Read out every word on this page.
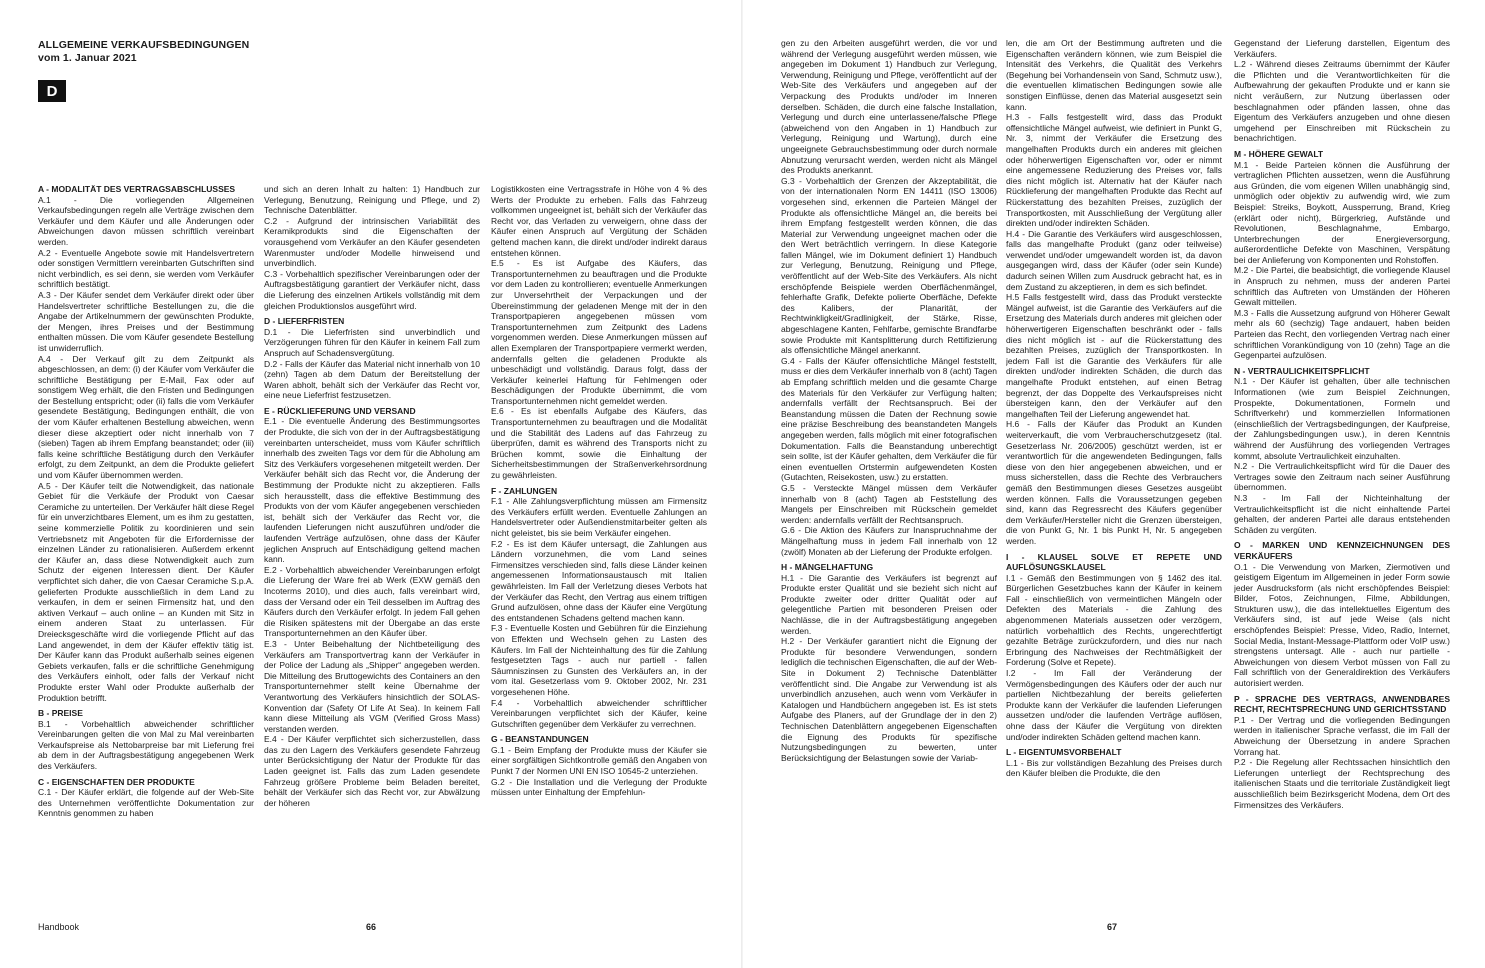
ALLGEMEINE VERKAUFSBEDINGUNGEN
vom 1. Januar 2021
D
A - MODALITÄT DES VERTRAGSABSCHLUSSES
A.1 - Die vorliegenden Allgemeinen Verkaufsbedingungen regeln alle Verträge zwischen dem Verkäufer und dem Käufer und alle Änderungen oder Abweichungen davon müssen schriftlich vereinbart werden.
A.2 - Eventuelle Angebote sowie mit Handelsvertretern oder sonstigen Vermittlern vereinbarten Gutschriften sind nicht verbindlich, es sei denn, sie werden vom Verkäufer schriftlich bestätigt.
A.3 - Der Käufer sendet dem Verkäufer direkt oder über Handelsvertreter schriftliche Bestellungen zu, die die Angabe der Artikelnummern der gewünschten Produkte, der Mengen, ihres Preises und der Bestimmung enthalten müssen. Die vom Käufer gesendete Bestellung ist unwiderruflich.
A.4 - Der Verkauf gilt zu dem Zeitpunkt als abgeschlossen, an dem: (i) der Käufer vom Verkäufer die schriftliche Bestätigung per E-Mail, Fax oder auf sonstigem Weg erhält, die den Fristen und Bedingungen der Bestellung entspricht; oder (ii) falls die vom Verkäufer gesendete Bestätigung, Bedingungen enthält, die von der vom Käufer erhaltenen Bestellung abweichen, wenn dieser diese akzeptiert oder nicht innerhalb von 7 (sieben) Tagen ab ihrem Empfang beanstandet; oder (iii) falls keine schriftliche Bestätigung durch den Verkäufer erfolgt, zu dem Zeitpunkt, an dem die Produkte geliefert und vom Käufer übernommen werden.
A.5 - Der Käufer teilt die Notwendigkeit, das nationale Gebiet für die Verkäufe der Produkt von Caesar Ceramiche zu unterteilen. Der Verkäufer hält diese Regel für ein unverzichtbares Element, um es ihm zu gestatten, seine kommerzielle Politik zu koordinieren und sein Vertriebsnetz mit Angeboten für die Erfordernisse der einzelnen Länder zu rationalisieren. Außerdem erkennt der Käufer an, dass diese Notwendigkeit auch zum Schutz der eigenen Interessen dient. Der Käufer verpflichtet sich daher, die von Caesar Ceramiche S.p.A. gelieferten Produkte ausschließlich in dem Land zu verkaufen, in dem er seinen Firmensitz hat, und den aktiven Verkauf – auch online – an Kunden mit Sitz in einem anderen Staat zu unterlassen. Für Dreiecksgeschäfte wird die vorliegende Pflicht auf das Land angewendet, in dem der Käufer effektiv tätig ist. Der Käufer kann das Produkt außerhalb seines eigenen Gebiets verkaufen, falls er die schriftliche Genehmigung des Verkäufers einholt, oder falls der Verkauf nicht Produkte erster Wahl oder Produkte außerhalb der Produktion betrifft.
B - PREISE
B.1 - Vorbehaltlich abweichender schriftlicher Vereinbarungen gelten die von Mal zu Mal vereinbarten Verkaufspreise als Nettobarpreise bar mit Lieferung frei ab dem in der Auftragsbestätigung angegebenen Werk des Verkäufers.
C - EIGENSCHAFTEN DER PRODUKTE
C.1 - Der Käufer erklärt, die folgende auf der Web-Site des Unternehmen veröffentlichte Dokumentation zur Kenntnis genommen zu haben
und sich an deren Inhalt zu halten: 1) Handbuch zur Verlegung, Benutzung, Reinigung und Pflege, und 2) Technische Datenblätter.
C.2 - Aufgrund der intrinsischen Variabilität des Keramikprodukts sind die Eigenschaften der vorausgehend vom Verkäufer an den Käufer gesendeten Warenmuster und/oder Modelle hinweisend und unverbindlich.
C.3 - Vorbehaltlich spezifischer Vereinbarungen oder der Auftragsbestätigung garantiert der Verkäufer nicht, dass die Lieferung des einzelnen Artikels vollständig mit dem gleichen Produktionslos ausgeführt wird.
D - LIEFERFRISTEN
D.1 - Die Lieferfristen sind unverbindlich und Verzögerungen führen für den Käufer in keinem Fall zum Anspruch auf Schadensvergütung.
D.2 - Falls der Käufer das Material nicht innerhalb von 10 (zehn) Tagen ab dem Datum der Bereitstellung der Waren abholt, behält sich der Verkäufer das Recht vor, eine neue Lieferfrist festzusetzen.
E - RÜCKLIEFERUNG UND VERSAND
E.1 - Die eventuelle Änderung des Bestimmungsortes der Produkte, die sich von der in der Auftragsbestätigung vereinbarten unterscheidet, muss vom Käufer schriftlich innerhalb des zweiten Tags vor dem für die Abholung am Sitz des Verkäufers vorgesehenen mitgeteilt werden. Der Verkäufer behält sich das Recht vor, die Änderung der Bestimmung der Produkte nicht zu akzeptieren. Falls sich herausstellt, dass die effektive Bestimmung des Produkts von der vom Käufer angegebenen verschieden ist, behält sich der Verkäufer das Recht vor, die laufenden Lieferungen nicht auszuführen und/oder die laufenden Verträge aufzulösen, ohne dass der Käufer jeglichen Anspruch auf Entschädigung geltend machen kann.
E.2 - Vorbehaltlich abweichender Vereinbarungen erfolgt die Lieferung der Ware frei ab Werk (EXW gemäß den Incoterms 2010), und dies auch, falls vereinbart wird, dass der Versand oder ein Teil desselben im Auftrag des Käufers durch den Verkäufer erfolgt. In jedem Fall gehen die Risiken spätestens mit der Übergabe an das erste Transportunternehmen an den Käufer über.
E.3 - Unter Beibehaltung der Nichtbeteiligung des Verkäufers am Transportvertrag kann der Verkäufer in der Police der Ladung als „Shipper“ angegeben werden. Die Mitteilung des Bruttogewichts des Containers an den Transportunternehmer stellt keine Übernahme der Verantwortung des Verkäufers hinsichtlich der SOLAS-Konvention dar (Safety Of Life At Sea). In keinem Fall kann diese Mitteilung als VGM (Verified Gross Mass) verstanden werden.
E.4 - Der Käufer verpflichtet sich sicherzustellen, dass das zu den Lagern des Verkäufers gesendete Fahrzeug unter Berücksichtigung der Natur der Produkte für das Laden geeignet ist. Falls das zum Laden gesendete Fahrzeug größere Probleme beim Beladen bereitet, behält der Verkäufer sich das Recht vor, zur Abwälzung der höheren
Logistikkosten eine Vertragsstrafe in Höhe von 4 % des Werts der Produkte zu erheben. Falls das Fahrzeug vollkommen ungeeignet ist, behält sich der Verkäufer das Recht vor, das Verladen zu verweigern, ohne dass der Käufer einen Anspruch auf Vergütung der Schäden geltend machen kann, die direkt und/oder indirekt daraus entstehen können.
E.5 - Es ist Aufgabe des Käufers, das Transportunternehmen zu beauftragen und die Produkte vor dem Laden zu kontrollieren; eventuelle Anmerkungen zur Unversehrtheit der Verpackungen und der Übereinstimmung der geladenen Menge mit der in den Transportpapieren angegebenen müssen vom Transportunternehmen zum Zeitpunkt des Ladens vorgenommen werden. Diese Anmerkungen müssen auf allen Exemplaren der Transportpapiere vermerkt werden, andernfalls gelten die geladenen Produkte als unbeschädigt und vollständig. Daraus folgt, dass der Verkäufer keinerlei Haftung für Fehlmengen oder Beschädigungen der Produkte übernimmt, die vom Transportunternehmen nicht gemeldet werden.
E.6 - Es ist ebenfalls Aufgabe des Käufers, das Transportunternehmen zu beauftragen und die Modalität und die Stabilität des Ladens auf das Fahrzeug zu überprüfen, damit es während des Transports nicht zu Brüchen kommt, sowie die Einhaltung der Sicherheitsbestimmungen der Straßenverkehrsordnung zu gewährleisten.
F - ZAHLUNGEN
F.1 - Alle Zahlungsverpflichtung müssen am Firmensitz des Verkäufers erfüllt werden. Eventuelle Zahlungen an Handelsvertreter oder Außendienstmitarbeiter gelten als nicht geleistet, bis sie beim Verkäufer eingehen.
F.2 - Es ist dem Käufer untersagt, die Zahlungen aus Ländern vorzunehmen, die vom Land seines Firmensitzes verschieden sind, falls diese Länder keinen angemessenen Informationsaustausch mit Italien gewährleisten. Im Fall der Verletzung dieses Verbots hat der Verkäufer das Recht, den Vertrag aus einem triftigen Grund aufzulösen, ohne dass der Käufer eine Vergütung des entstandenen Schadens geltend machen kann.
F.3 - Eventuelle Kosten und Gebühren für die Einziehung von Effekten und Wechseln gehen zu Lasten des Käufers. Im Fall der Nichteinhaltung des für die Zahlung festgesetzten Tags - auch nur partiell - fallen Säumniszinsen zu Gunsten des Verkäufers an, in der vom ital. Gesetzerlass vom 9. Oktober 2002, Nr. 231 vorgesehenen Höhe.
F.4 - Vorbehaltlich abweichender schriftlicher Vereinbarungen verpflichtet sich der Käufer, keine Gutschriften gegenüber dem Verkäufer zu verrechnen.
G - BEANSTANDUNGEN
G.1 - Beim Empfang der Produkte muss der Käufer sie einer sorgfältigen Sichtkontrolle gemäß den Angaben von Punkt 7 der Normen UNI EN ISO 10545-2 unterziehen.
G.2 - Die Installation und die Verlegung der Produkte müssen unter Einhaltung der Empfehlun-
gen zu den Arbeiten ausgeführt werden, die vor und während der Verlegung ausgeführt werden müssen, wie angegeben im Dokument 1) Handbuch zur Verlegung, Verwendung, Reinigung und Pflege, veröffentlicht auf der Web-Site des Verkäufers und angegeben auf der Verpackung des Produkts und/oder im Inneren derselben. Schäden, die durch eine falsche Installation, Verlegung und durch eine unterlassene/falsche Pflege (abweichend von den Angaben in 1) Handbuch zur Verlegung, Reinigung und Wartung), durch eine ungeeignete Gebrauchsbestimmung oder durch normale Abnutzung verursacht werden, werden nicht als Mängel des Produkts anerkannt.
G.3 - Vorbehaltlich der Grenzen der Akzeptabilität, die von der internationalen Norm EN 14411 (ISO 13006) vorgesehen sind, erkennen die Parteien Mängel der Produkte als offensichtliche Mängel an, die bereits bei ihrem Empfang festgestellt werden können, die das Material zur Verwendung ungeeignet machen oder die den Wert beträchtlich verringern. In diese Kategorie fallen Mängel, wie im Dokument definiert 1) Handbuch zur Verlegung, Benutzung, Reinigung und Pflege, veröffentlicht auf der Web-Site des Verkäufers. Als nicht erschöpfende Beispiele werden Oberflächenmängel, fehlerhafte Grafik, Defekte polierte Oberfläche, Defekte des Kalibers, der Planarität, der Rechtwinkligkeit/Gradlinigkeit, der Stärke, Risse, abgeschlagene Kanten, Fehlfarbe, gemischte Brandfarbe sowie Produkte mit Kantsplitterung durch Rettifizierung als offensichtliche Mängel anerkannt.
G.4 - Falls der Käufer offensichtliche Mängel feststellt, muss er dies dem Verkäufer innerhalb von 8 (acht) Tagen ab Empfang schriftlich melden und die gesamte Charge des Materials für den Verkäufer zur Verfügung halten; andernfalls verfällt der Rechtsanspruch. Bei der Beanstandung müssen die Daten der Rechnung sowie eine präzise Beschreibung des beanstandeten Mangels angegeben werden, falls möglich mit einer fotografischen Dokumentation. Falls die Beanstandung unberechtigt sein sollte, ist der Käufer gehalten, dem Verkäufer die für einen eventuellen Ortstermin aufgewendeten Kosten (Gutachten, Reisekosten, usw.) zu erstatten.
G.5 - Versteckte Mängel müssen dem Verkäufer innerhalb von 8 (acht) Tagen ab Feststellung des Mangels per Einschreiben mit Rückschein gemeldet werden: andernfalls verfällt der Rechtsanspruch.
G.6 - Die Aktion des Käufers zur Inanspruchnahme der Mängelhaftung muss in jedem Fall innerhalb von 12 (zwölf) Monaten ab der Lieferung der Produkte erfolgen.
H - MÄNGELHAFTUNG
H.1 - Die Garantie des Verkäufers ist begrenzt auf Produkte erster Qualität und sie bezieht sich nicht auf Produkte zweiter oder dritter Qualität oder auf gelegentliche Partien mit besonderen Preisen oder Nachlässe, die in der Auftragsbestätigung angegeben werden.
H.2 - Der Verkäufer garantiert nicht die Eignung der Produkte für besondere Verwendungen, sondern lediglich die technischen Eigenschaften, die auf der Web-Site in Dokument 2) Technische Datenblätter veröffentlicht sind. Die Angabe zur Verwendung ist als unverbindlich anzusehen, auch wenn vom Verkäufer in Katalogen und Handbüchern angegeben ist. Es ist stets Aufgabe des Planers, auf der Grundlage der in den 2) Technischen Datenblättern angegebenen Eigenschaften die Eignung des Produkts für spezifische Nutzungsbedingungen zu bewerten, unter Berücksichtigung der Belastungen sowie der Variab-
len, die am Ort der Bestimmung auftreten und die Eigenschaften verändern können, wie zum Beispiel die Intensität des Verkehrs, die Qualität des Verkehrs (Begehung bei Vorhandensein von Sand, Schmutz usw.), die eventuellen klimatischen Bedingungen sowie alle sonstigen Einflüsse, denen das Material ausgesetzt sein kann.
H.3 - Falls festgestellt wird, dass das Produkt offensichtliche Mängel aufweist, wie definiert in Punkt G, Nr. 3, nimmt der Verkäufer die Ersetzung des mangelhaften Produkts durch ein anderes mit gleichen oder höherwertigen Eigenschaften vor, oder er nimmt eine angemessene Reduzierung des Preises vor, falls dies nicht möglich ist. Alternativ hat der Käufer nach Rücklieferung der mangelhaften Produkte das Recht auf Rückerstattung des bezahlten Preises, zuzüglich der Transportkosten, mit Ausschließung der Vergütung aller direkten und/oder indirekten Schäden.
H.4 - Die Garantie des Verkäufers wird ausgeschlossen, falls das mangelhafte Produkt (ganz oder teilweise) verwendet und/oder umgewandelt worden ist, da davon ausgegangen wird, dass der Käufer (oder sein Kunde) dadurch seinen Willen zum Ausdruck gebracht hat, es in dem Zustand zu akzeptieren, in dem es sich befindet.
H.5 Falls festgestellt wird, dass das Produkt versteckte Mängel aufweist, ist die Garantie des Verkäufers auf die Ersetzung des Materials durch anderes mit gleichen oder höherwertigeren Eigenschaften beschränkt oder - falls dies nicht möglich ist - auf die Rückerstattung des bezahlten Preises, zuzüglich der Transportkosten. In jedem Fall ist die Garantie des Verkäufers für alle direkten und/oder indirekten Schäden, die durch das mangelhafte Produkt entstehen, auf einen Betrag begrenzt, der das Doppelte des Verkaufspreises nicht übersteigen kann, den der Verkäufer auf den mangelhaften Teil der Lieferung angewendet hat.
H.6 - Falls der Käufer das Produkt an Kunden weiterverkauft, die vom Verbraucherschutzgesetz (ital. Gesetzerlass Nr. 206/2005) geschützt werden, ist er verantwortlich für die angewendeten Bedingungen, falls diese von den hier angegebenen abweichen, und er muss sicherstellen, dass die Rechte des Verbrauchers gemäß den Bestimmungen dieses Gesetzes ausgeübt werden können. Falls die Voraussetzungen gegeben sind, kann das Regressrecht des Käufers gegenüber dem Verkäufer/Hersteller nicht die Grenzen übersteigen, die von Punkt G, Nr. 1 bis Punkt H, Nr. 5 angegeben werden.
I - KLAUSEL SOLVE ET REPETE UND AUFLÖSUNGSKLAUSEL
I.1 - Gemäß den Bestimmungen von § 1462 des ital. Bürgerlichen Gesetzbuches kann der Käufer in keinem Fall - einschließlich von vermeintlichen Mängeln oder Defekten des Materials - die Zahlung des abgenommenen Materials aussetzen oder verzögern, natürlich vorbehaltlich des Rechts, ungerechtfertigt gezahlte Beträge zurückzufordern, und dies nur nach Erbringung des Nachweises der Rechtmäßigkeit der Forderung (Solve et Repete).
I.2 - Im Fall der Veränderung der Vermögensbedingungen des Käufers oder der auch nur partiellen Nichtbezahlung der bereits gelieferten Produkte kann der Verkäufer die laufenden Lieferungen aussetzen und/oder die laufenden Verträge auflösen, ohne dass der Käufer die Vergütung von direkten und/oder indirekten Schäden geltend machen kann.
L - EIGENTUMSVORBEHALT
L.1 - Bis zur vollständigen Bezahlung des Preises durch den Käufer bleiben die Produkte, die den
Gegenstand der Lieferung darstellen, Eigentum des Verkäufers.
L.2 - Während dieses Zeitraums übernimmt der Käufer die Pflichten und die Verantwortlichkeiten für die Aufbewahrung der gekauften Produkte und er kann sie nicht veräußern, zur Nutzung überlassen oder beschlagnahmen oder pfänden lassen, ohne das Eigentum des Verkäufers anzugeben und ohne diesen umgehend per Einschreiben mit Rückschein zu benachrichtigen.
M - HÖHERE GEWALT
M.1 - Beide Parteien können die Ausführung der vertraglichen Pflichten aussetzen, wenn die Ausführung aus Gründen, die vom eigenen Willen unabhängig sind, unmöglich oder objektiv zu aufwendig wird, wie zum Beispiel: Streiks, Boykott, Aussperrung, Brand, Krieg (erklärt oder nicht), Bürgerkrieg, Aufstände und Revolutionen, Beschlagnahme, Embargo, Unterbrechungen der Energieversorgung, außerordentliche Defekte von Maschinen, Verspätung bei der Anlieferung von Komponenten und Rohstoffen.
M.2 - Die Partei, die beabsichtigt, die vorliegende Klausel in Anspruch zu nehmen, muss der anderen Partei schriftlich das Auftreten von Umständen der Höheren Gewalt mitteilen.
M.3 - Falls die Aussetzung aufgrund von Höherer Gewalt mehr als 60 (sechzig) Tage andauert, haben beiden Parteien das Recht, den vorliegenden Vertrag nach einer schriftlichen Vorankündigung von 10 (zehn) Tage an die Gegenpartei aufzulösen.
N - VERTRAULICHKEITSPFLICHT
N.1 - Der Käufer ist gehalten, über alle technischen Informationen (wie zum Beispiel Zeichnungen, Prospekte, Dokumentationen, Formeln und Schriftverkehr) und kommerziellen Informationen (einschließlich der Vertragsbedingungen, der Kaufpreise, der Zahlungsbedingungen usw.), in deren Kenntnis während der Ausführung des vorliegenden Vertrages kommt, absolute Vertraulichkeit einzuhalten.
N.2 - Die Vertraulichkeitspflicht wird für die Dauer des Vertrages sowie den Zeitraum nach seiner Ausführung übernommen.
N.3 - Im Fall der Nichteinhaltung der Vertraulichkeitspflicht ist die nicht einhaltende Partei gehalten, der anderen Partei alle daraus entstehenden Schäden zu vergüten.
O - MARKEN UND KENNZEICHNUNGEN DES VERKÄUFERS
O.1 - Die Verwendung von Marken, Ziermotiven und geistigem Eigentum im Allgemeinen in jeder Form sowie jeder Ausdrucksform (als nicht erschöpfendes Beispiel: Bilder, Fotos, Zeichnungen, Filme, Abbildungen, Strukturen usw.), die das intellektuelles Eigentum des Verkäufers sind, ist auf jede Weise (als nicht erschöpfendes Beispiel: Presse, Video, Radio, Internet, Social Media, Instant-Message-Plattform oder VoIP usw.) strengstens untersagt. Alle - auch nur partielle - Abweichungen von diesem Verbot müssen von Fall zu Fall schriftlich von der Generaldirektion des Verkäufers autorisiert werden.
P - SPRACHE DES VERTRAGS, ANWENDBARES RECHT, RECHTSPRECHUNG UND GERICHTSSTAND
P.1 - Der Vertrag und die vorliegenden Bedingungen werden in italienischer Sprache verfasst, die im Fall der Abweichung der Übersetzung in andere Sprachen Vorrang hat.
P.2 - Die Regelung aller Rechtssachen hinsichtlich den Lieferungen unterliegt der Rechtsprechung des italienischen Staats und die territoriale Zuständigkeit liegt ausschließlich beim Bezirksgericht Modena, dem Ort des Firmensitzes des Verkäufers.
Handbook	66	67
